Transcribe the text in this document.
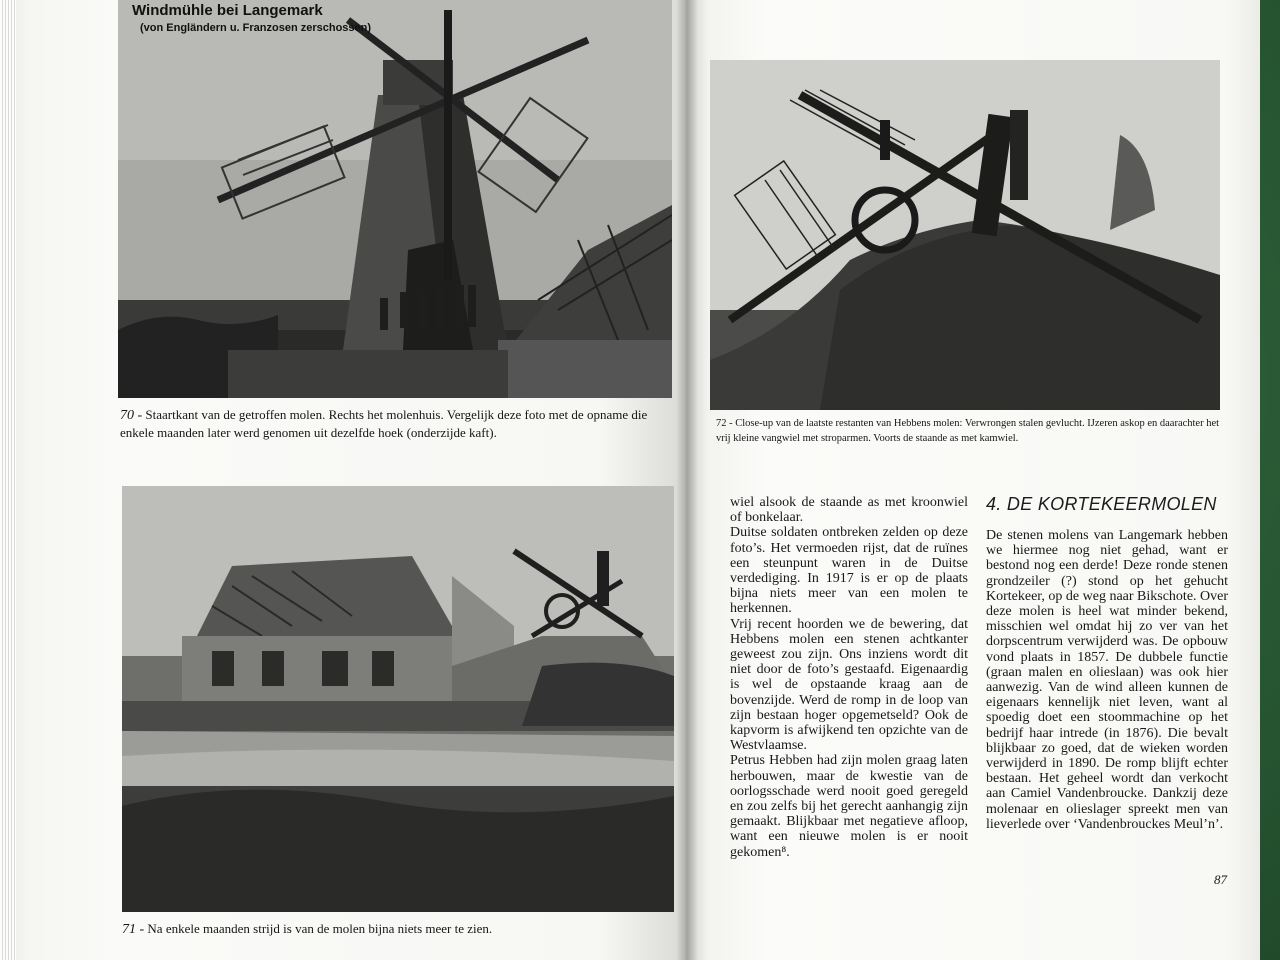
Windmühle bei Langemark
(von Engländern u. Franzosen zerschossen)
70 - Staartkant van de getroffen molen. Rechts het molenhuis. Vergelijk deze foto met de opname die enkele maanden later werd genomen uit dezelfde hoek (onderzijde kaft).
71 - Na enkele maanden strijd is van de molen bijna niets meer te zien.
72 - Close-up van de laatste restanten van Hebbens molen: Verwrongen stalen gevlucht. IJzeren askop en daarachter het vrij kleine vangwiel met stroparmen. Voorts de staande as met kamwiel.

wiel alsook de staande as met kroonwiel of bonkelaar.

Duitse soldaten ontbreken zelden op deze foto’s. Het vermoeden rijst, dat de ruïnes een steunpunt waren in de Duitse verdediging. In 1917 is er op de plaats bijna niets meer van een molen te herkennen.

Vrij recent hoorden we de bewering, dat Hebbens molen een stenen achtkanter geweest zou zijn. Ons inziens wordt dit niet door de foto’s gestaafd. Eigenaardig is wel de opstaande kraag aan de bovenzijde. Werd de romp in de loop van zijn bestaan hoger opgemetseld? Ook de kapvorm is afwijkend ten opzichte van de Westvlaamse.

Petrus Hebben had zijn molen graag laten herbouwen, maar de kwestie van de oorlogsschade werd nooit goed geregeld en zou zelfs bij het gerecht aanhangig zijn gemaakt. Blijkbaar met negatieve afloop, want een nieuwe molen is er nooit gekomen⁸.

4. DE KORTEKEERMOLEN

De stenen molens van Langemark hebben we hiermee nog niet gehad, want er bestond nog een derde! Deze ronde stenen grondzeiler (?) stond op het gehucht Kortekeer, op de weg naar Bikschote. Over deze molen is heel wat minder bekend, misschien wel omdat hij zo ver van het dorpscentrum verwijderd was. De opbouw vond plaats in 1857. De dubbele functie (graan malen en olieslaan) was ook hier aanwezig. Van de wind alleen kunnen de eigenaars kennelijk niet leven, want al spoedig doet een stoommachine op het bedrijf haar intrede (in 1876). Die bevalt blijkbaar zo goed, dat de wieken worden verwijderd in 1890. De romp blijft echter bestaan. Het geheel wordt dan verkocht aan Camiel Vandenbroucke. Dankzij deze molenaar en olieslager spreekt men van lieverlede over ‘Vandenbrouckes Meul’n’.

87
